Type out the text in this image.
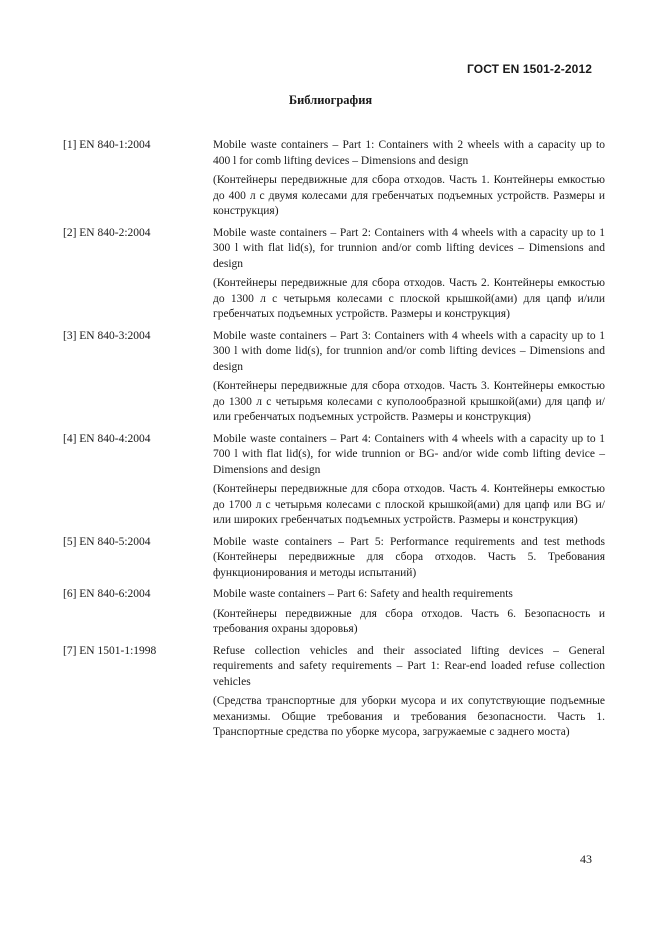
ГОСТ EN 1501-2-2012
Библиография
[1] EN 840-1:2004	Mobile waste containers – Part 1: Containers with 2 wheels with a capacity up to 400 l for comb lifting devices – Dimensions and design

(Контейнеры передвижные для сбора отходов. Часть 1. Контейнеры емкостью до 400 л с двумя колесами для гребенчатых подъемных устройств. Размеры и конструкция)

[2] EN 840-2:2004	Mobile waste containers – Part 2: Containers with 4 wheels with a capacity up to 1 300 l with flat lid(s), for trunnion and/or comb lifting devices – Dimensions and design

(Контейнеры передвижные для сбора отходов. Часть 2. Контейнеры емкостью до 1300 л с четырьмя колесами с плоской крышкой(ами) для цапф и/или гребенчатых подъемных устройств. Размеры и конструкция)

[3] EN 840-3:2004	Mobile waste containers – Part 3: Containers with 4 wheels with a capacity up to 1 300 l with dome lid(s), for trunnion and/or comb lifting devices – Dimensions and design

(Контейнеры передвижные для сбора отходов. Часть 3. Контейнеры емкостью до 1300 л с четырьмя колесами с куполообразной крышкой(ами) для цапф и/или гребенчатых подъемных устройств. Размеры и конструкция)

[4] EN 840-4:2004	Mobile waste containers – Part 4: Containers with 4 wheels with a capacity up to 1 700 l with flat lid(s), for wide trunnion or BG- and/or wide comb lifting device – Dimensions and design

(Контейнеры передвижные для сбора отходов. Часть 4. Контейнеры емкостью до 1700 л с четырьмя колесами с плоской крышкой(ами) для цапф или BG и/или широких гребенчатых подъемных устройств. Размеры и конструкция)

[5] EN 840-5:2004	Mobile waste containers – Part 5: Performance requirements and test methods (Контейнеры передвижные для сбора отходов. Часть 5. Требования функционирования и методы испытаний)

[6] EN 840-6:2004	Mobile waste containers – Part 6: Safety and health requirements

(Контейнеры передвижные для сбора отходов. Часть 6. Безопасность и требования охраны здоровья)

[7] EN 1501-1:1998	Refuse collection vehicles and their associated lifting devices – General requirements and safety requirements – Part 1: Rear-end loaded refuse collection vehicles

(Средства транспортные для уборки мусора и их сопутствующие подъемные механизмы. Общие требования и требования безопасности. Часть 1. Транспортные средства по уборке мусора, загружаемые с заднего моста)

43
